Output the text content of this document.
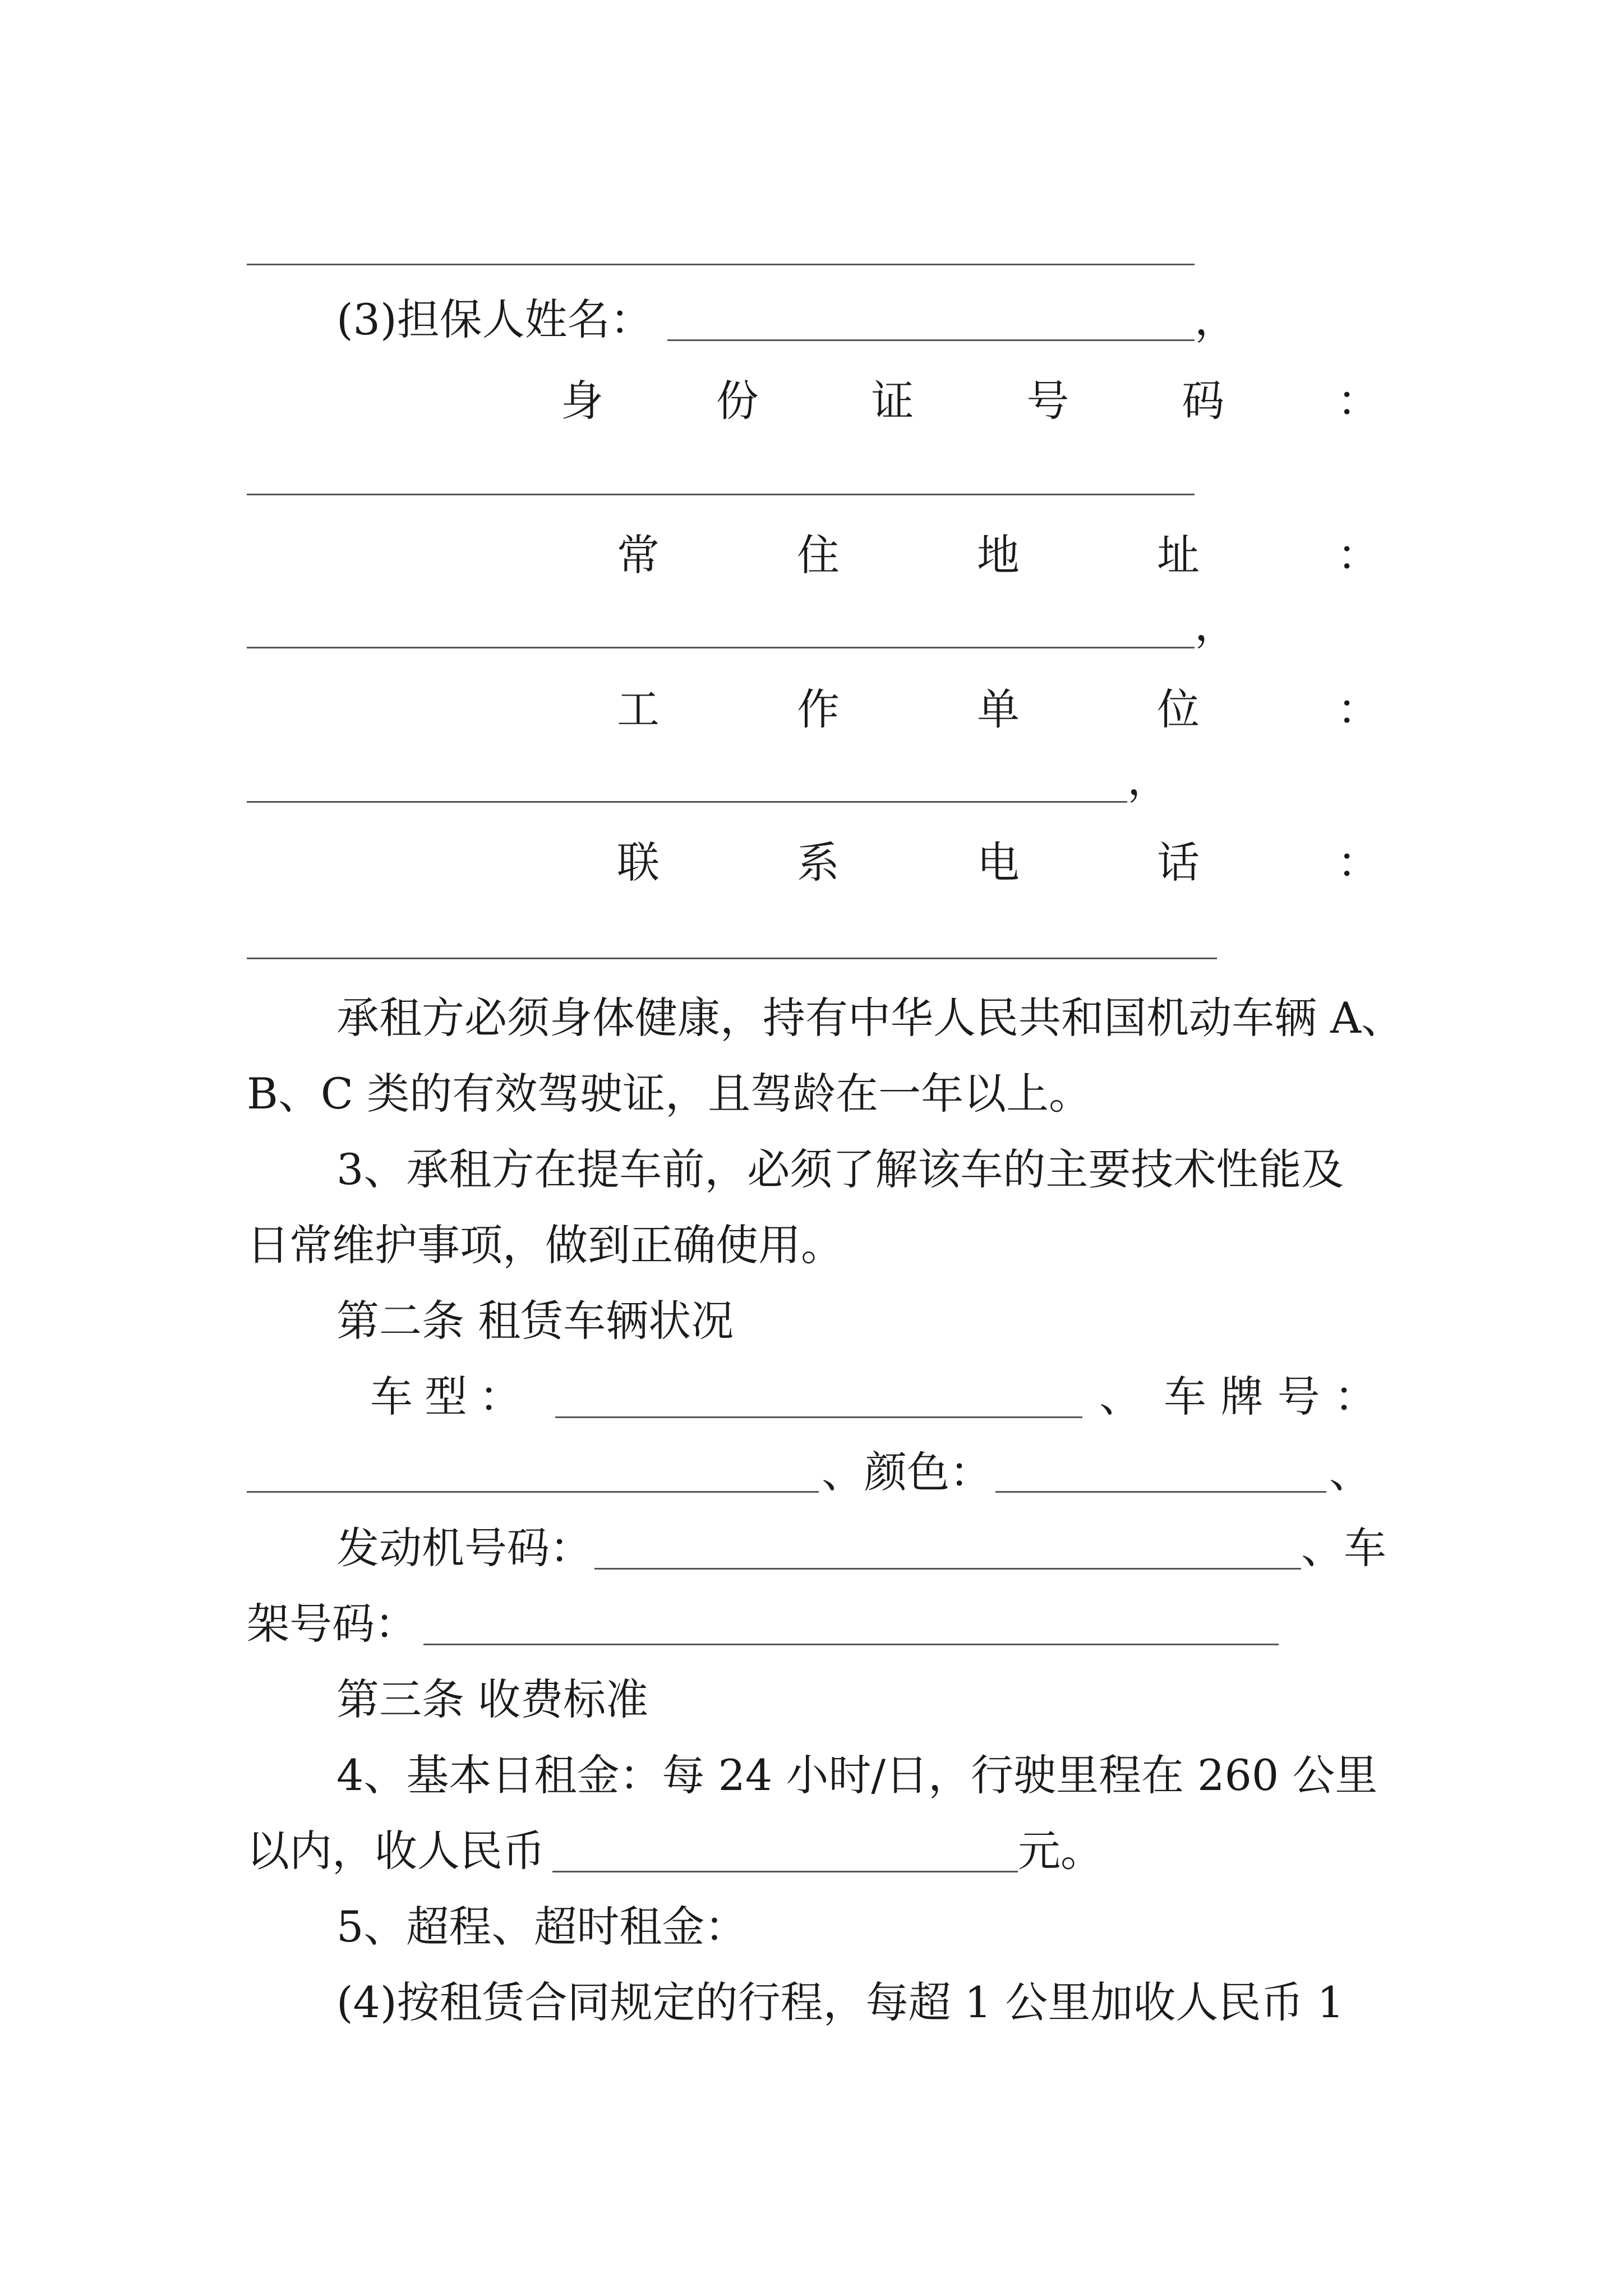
(3)担保人姓名：	，
身	份	证	号	码	：
常	住	地	址	：
，
工	作	单	位	：
，
联	系	电	话	：
承租方必须身体健康，持有中华人民共和国机动车辆 A、
B、C 类的有效驾驶证，且驾龄在一年以上。
3、承租方在提车前，必须了解该车的主要技术性能及
日常维护事项，做到正确使用。
第二条 租赁车辆状况
车 型 ：	、 车 牌 号 ：
、颜色：	、
发动机号码：	、车
架号码：
第三条 收费标准
4、基本日租金：每 24 小时/日，行驶里程在 260 公里
以内，收人民币	元。
5、超程、超时租金：
(4)按租赁合同规定的行程，每超 1 公里加收人民币 1
